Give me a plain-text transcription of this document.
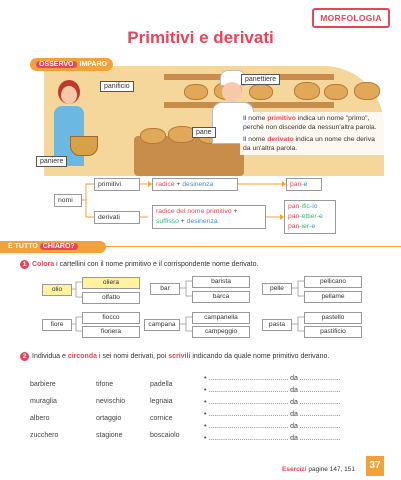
MORFOLOGIA
Primitivi e derivati
panificio
panettiere
pane
paniere
OSSERVO IMPARO
Il nome primitivo indica un nome "primo", perché non discende da nessun'altra parola.
Il nome derivato indica un nome che deriva da un'altra parola.
nomi
primitivi	radice + desinenza	pan-e
derivati
radice del nome primitivo +
suffisso + desinenza
pan-ific-io
pan-ettier-e
pan-ier-e
È TUTTO CHIARO?
1 Colora i cartellini con il nome primitivo e il corrispondente nome derivato.
olio
oliera
olfatto
bar
barista
barca
pelle
pellicano
pellame
fiore
fiocco
fioriera
campana
campanella
campeggio
pasta
pastello
pastificio
2 Individua e circonda i sei nomi derivati, poi scrivili indicando da quale nome primitivo derivano.
barbiere	tifone	padella
muraglia	nevischio	legnaia
albero	ortaggio	cornice
zucchero	stagione	boscaiolo
• ......................................... da .....................
• ......................................... da .....................
• ......................................... da .....................
• ......................................... da .....................
• ......................................... da .....................
• ......................................... da .....................
Esercizi pagine 147, 151	37
